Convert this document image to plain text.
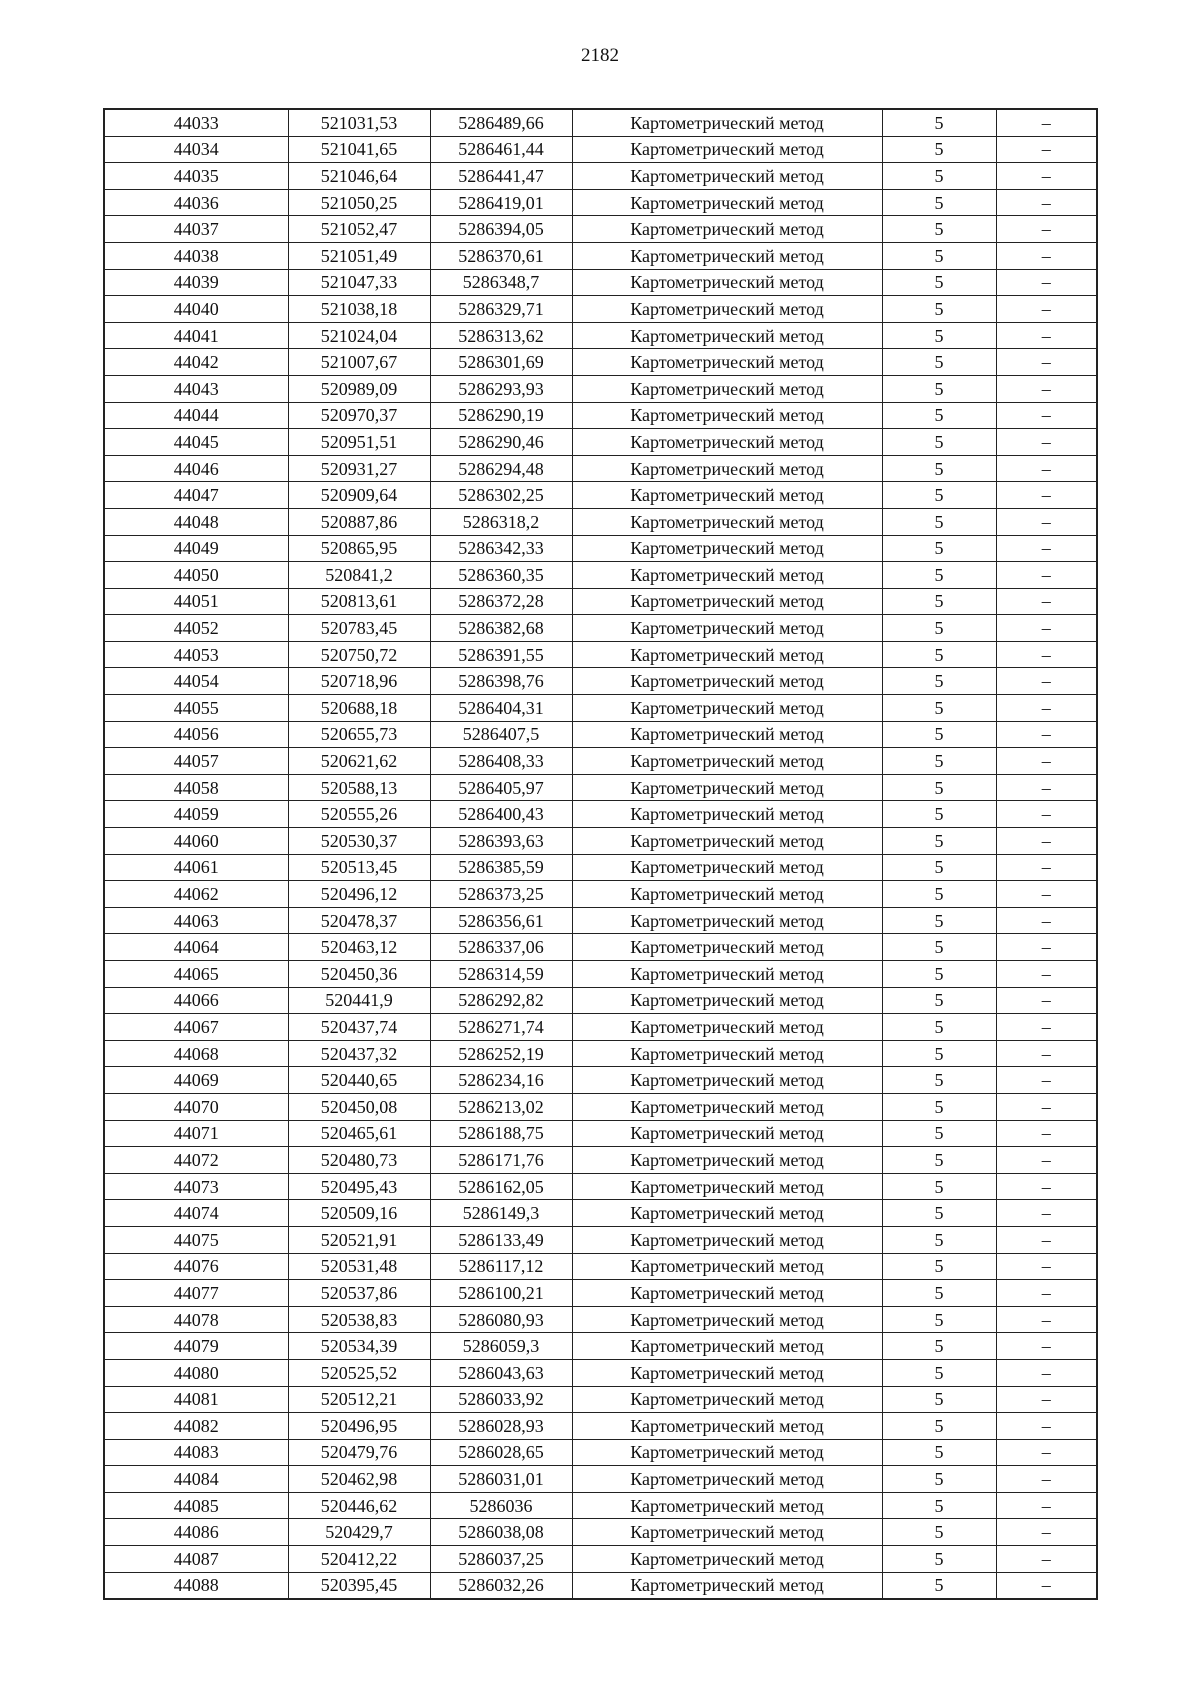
2182
44033	521031,53	5286489,66	Картометрический метод	5	–
44034	521041,65	5286461,44	Картометрический метод	5	–
44035	521046,64	5286441,47	Картометрический метод	5	–
44036	521050,25	5286419,01	Картометрический метод	5	–
44037	521052,47	5286394,05	Картометрический метод	5	–
44038	521051,49	5286370,61	Картометрический метод	5	–
44039	521047,33	5286348,7	Картометрический метод	5	–
44040	521038,18	5286329,71	Картометрический метод	5	–
44041	521024,04	5286313,62	Картометрический метод	5	–
44042	521007,67	5286301,69	Картометрический метод	5	–
44043	520989,09	5286293,93	Картометрический метод	5	–
44044	520970,37	5286290,19	Картометрический метод	5	–
44045	520951,51	5286290,46	Картометрический метод	5	–
44046	520931,27	5286294,48	Картометрический метод	5	–
44047	520909,64	5286302,25	Картометрический метод	5	–
44048	520887,86	5286318,2	Картометрический метод	5	–
44049	520865,95	5286342,33	Картометрический метод	5	–
44050	520841,2	5286360,35	Картометрический метод	5	–
44051	520813,61	5286372,28	Картометрический метод	5	–
44052	520783,45	5286382,68	Картометрический метод	5	–
44053	520750,72	5286391,55	Картометрический метод	5	–
44054	520718,96	5286398,76	Картометрический метод	5	–
44055	520688,18	5286404,31	Картометрический метод	5	–
44056	520655,73	5286407,5	Картометрический метод	5	–
44057	520621,62	5286408,33	Картометрический метод	5	–
44058	520588,13	5286405,97	Картометрический метод	5	–
44059	520555,26	5286400,43	Картометрический метод	5	–
44060	520530,37	5286393,63	Картометрический метод	5	–
44061	520513,45	5286385,59	Картометрический метод	5	–
44062	520496,12	5286373,25	Картометрический метод	5	–
44063	520478,37	5286356,61	Картометрический метод	5	–
44064	520463,12	5286337,06	Картометрический метод	5	–
44065	520450,36	5286314,59	Картометрический метод	5	–
44066	520441,9	5286292,82	Картометрический метод	5	–
44067	520437,74	5286271,74	Картометрический метод	5	–
44068	520437,32	5286252,19	Картометрический метод	5	–
44069	520440,65	5286234,16	Картометрический метод	5	–
44070	520450,08	5286213,02	Картометрический метод	5	–
44071	520465,61	5286188,75	Картометрический метод	5	–
44072	520480,73	5286171,76	Картометрический метод	5	–
44073	520495,43	5286162,05	Картометрический метод	5	–
44074	520509,16	5286149,3	Картометрический метод	5	–
44075	520521,91	5286133,49	Картометрический метод	5	–
44076	520531,48	5286117,12	Картометрический метод	5	–
44077	520537,86	5286100,21	Картометрический метод	5	–
44078	520538,83	5286080,93	Картометрический метод	5	–
44079	520534,39	5286059,3	Картометрический метод	5	–
44080	520525,52	5286043,63	Картометрический метод	5	–
44081	520512,21	5286033,92	Картометрический метод	5	–
44082	520496,95	5286028,93	Картометрический метод	5	–
44083	520479,76	5286028,65	Картометрический метод	5	–
44084	520462,98	5286031,01	Картометрический метод	5	–
44085	520446,62	5286036	Картометрический метод	5	–
44086	520429,7	5286038,08	Картометрический метод	5	–
44087	520412,22	5286037,25	Картометрический метод	5	–
44088	520395,45	5286032,26	Картометрический метод	5	–
